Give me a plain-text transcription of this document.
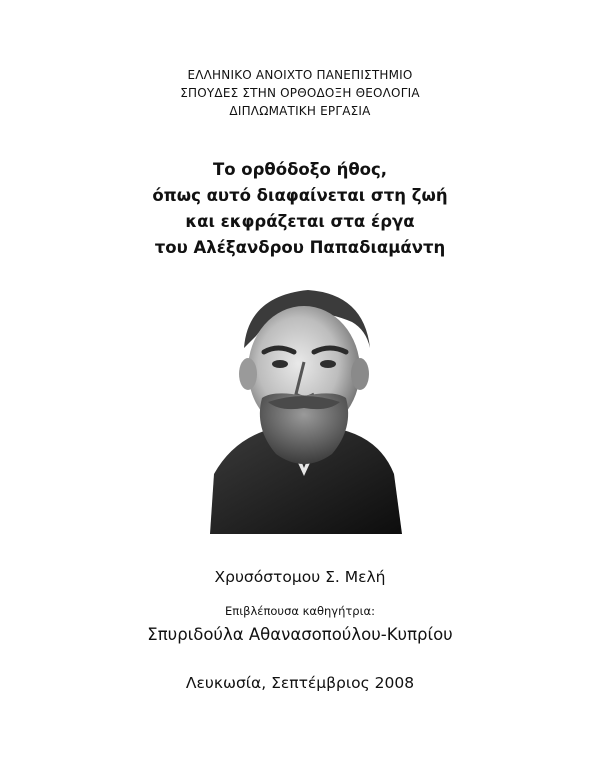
ΕΛΛΗΝΙΚΟ ΑΝΟΙΧΤΟ ΠΑΝΕΠΙΣΤΗΜΙΟ
ΣΠΟΥΔΕΣ ΣΤΗΝ ΟΡΘΟΔΟΞΗ ΘΕΟΛΟΓΙΑ
ΔΙΠΛΩΜΑΤΙΚΗ ΕΡΓΑΣΙΑ
Το ορθόδοξο ήθος,
όπως αυτό διαφαίνεται στη ζωή
και εκφράζεται στα έργα
του Αλέξανδρου Παπαδιαμάντη
Χρυσόστομου Σ. Μελή
Επιβλέπουσα καθηγήτρια:
Σπυριδούλα Αθανασοπούλου-Κυπρίου
Λευκωσία, Σεπτέμβριος 2008
